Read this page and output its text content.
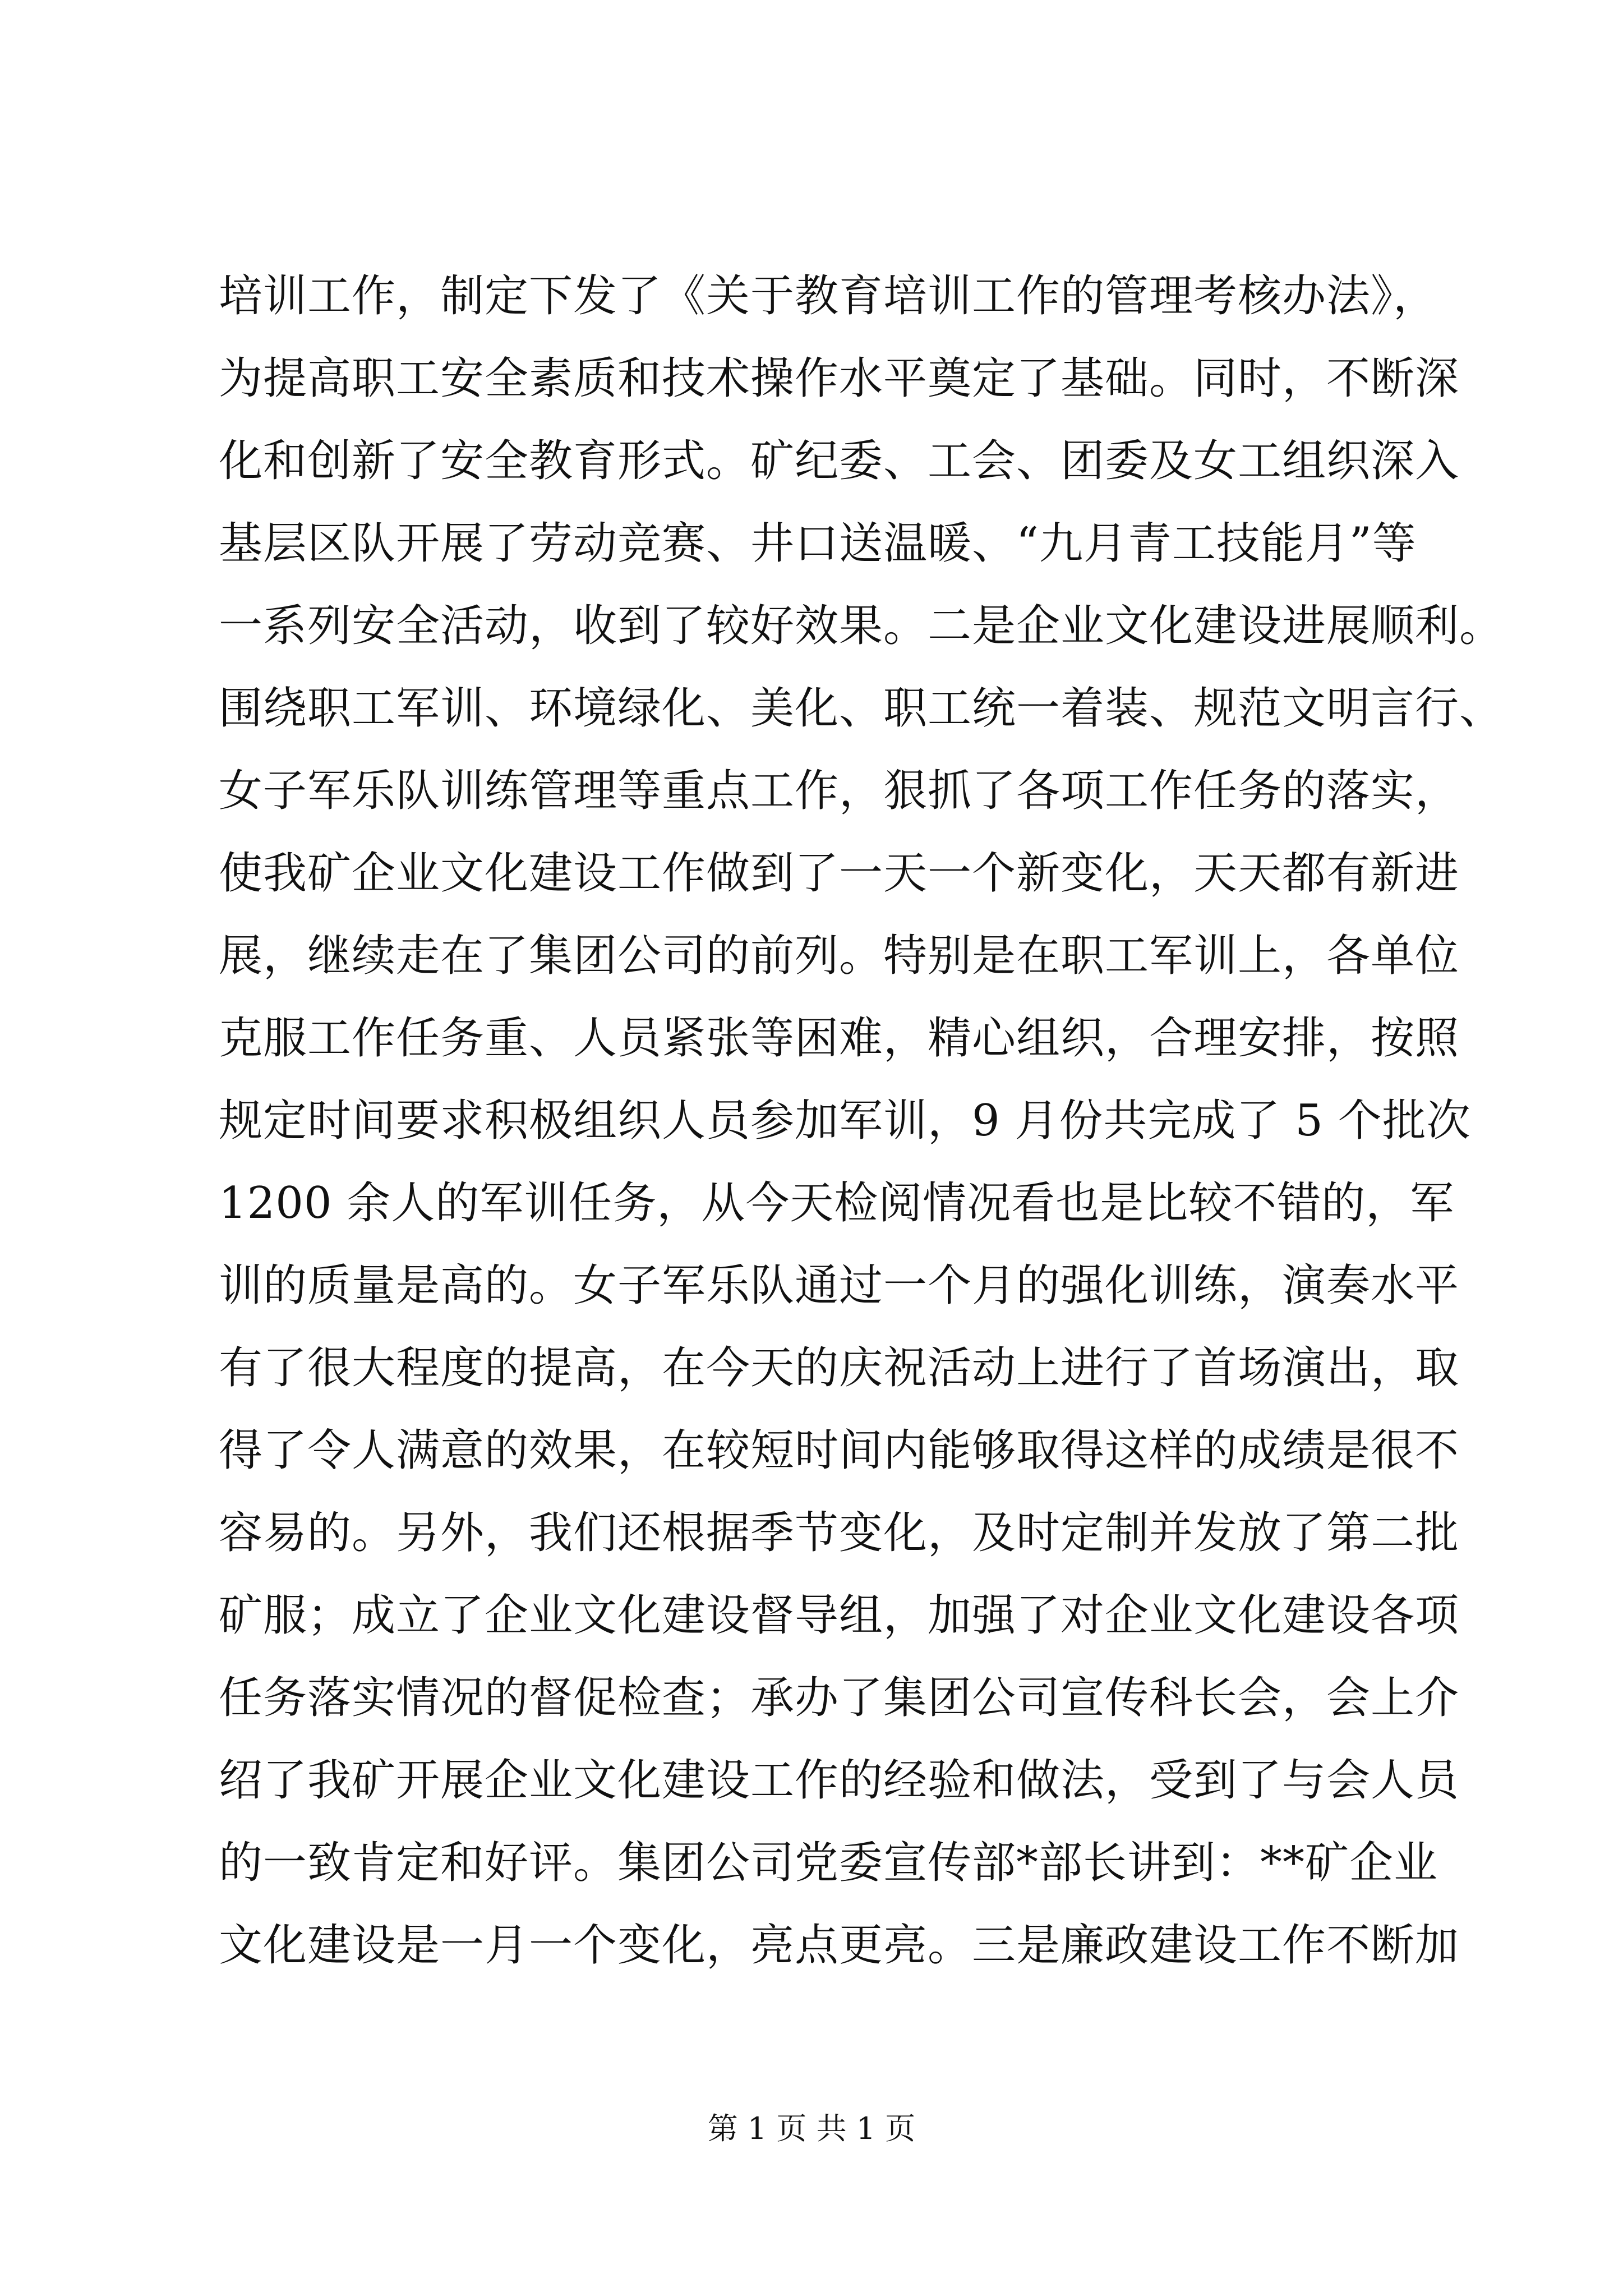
培训工作，制定下发了《关于教育培训工作的管理考核办法》，
为提高职工安全素质和技术操作水平奠定了基础。同时，不断深
化和创新了安全教育形式。矿纪委、工会、团委及女工组织深入
基层区队开展了劳动竞赛、井口送温暖、“九月青工技能月”等
一系列安全活动，收到了较好效果。二是企业文化建设进展顺利。
围绕职工军训、环境绿化、美化、职工统一着装、规范文明言行、
女子军乐队训练管理等重点工作，狠抓了各项工作任务的落实，
使我矿企业文化建设工作做到了一天一个新变化，天天都有新进
展，继续走在了集团公司的前列。特别是在职工军训上，各单位
克服工作任务重、人员紧张等困难，精心组织，合理安排，按照
规定时间要求积极组织人员参加军训，9 月份共完成了 5 个批次
1200 余人的军训任务，从今天检阅情况看也是比较不错的，军
训的质量是高的。女子军乐队通过一个月的强化训练，演奏水平
有了很大程度的提高，在今天的庆祝活动上进行了首场演出，取
得了令人满意的效果，在较短时间内能够取得这样的成绩是很不
容易的。另外，我们还根据季节变化，及时定制并发放了第二批
矿服；成立了企业文化建设督导组，加强了对企业文化建设各项
任务落实情况的督促检查；承办了集团公司宣传科长会，会上介
绍了我矿开展企业文化建设工作的经验和做法，受到了与会人员
的一致肯定和好评。集团公司党委宣传部*部长讲到：**矿企业
文化建设是一月一个变化，亮点更亮。三是廉政建设工作不断加
第 1 页 共 1 页
